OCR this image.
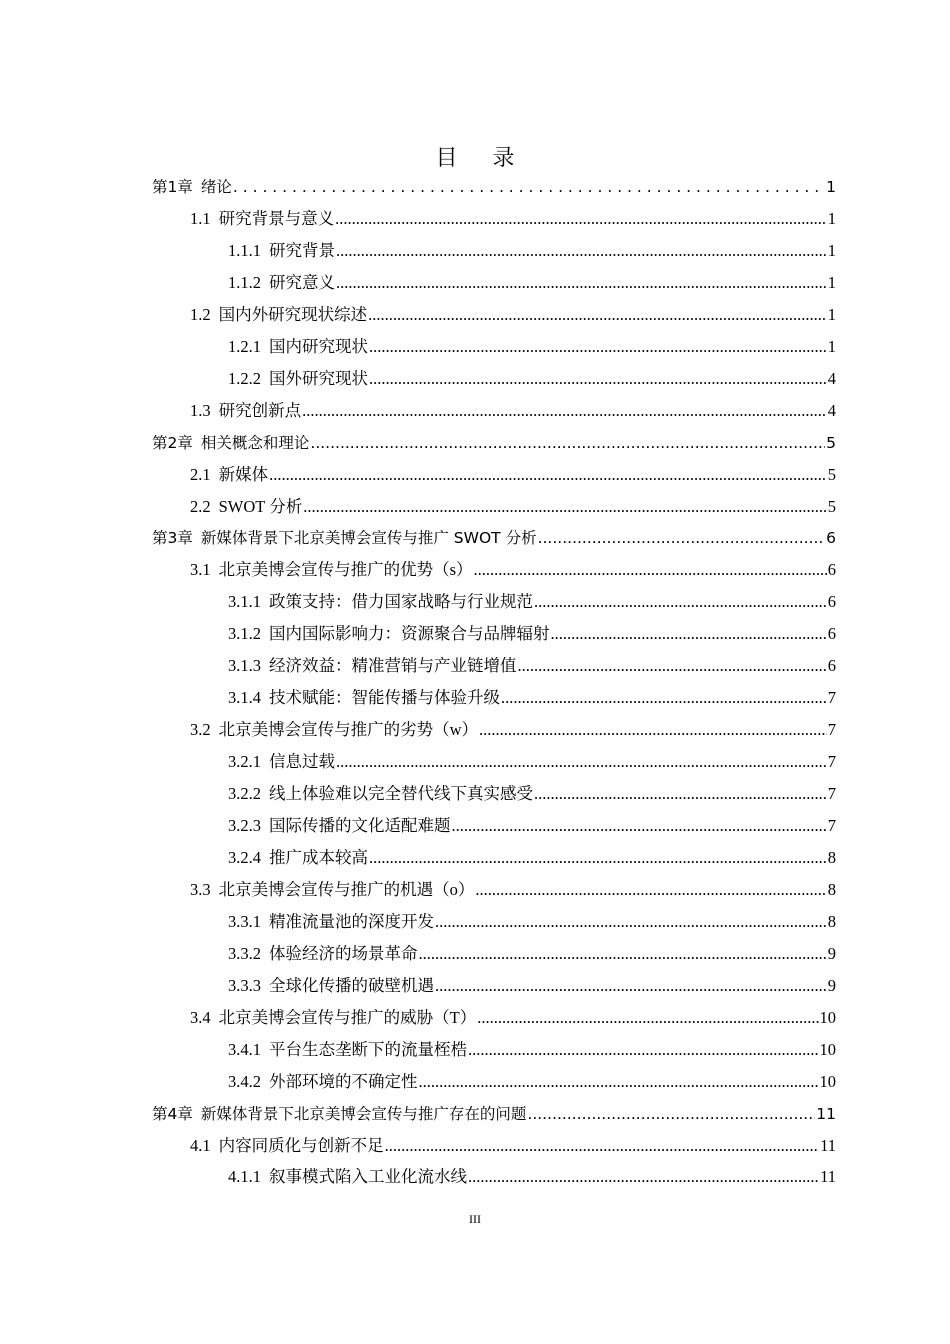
目 录
第1章 绪论 . . .	1
1.1 研究背景与意义 .....	1
1.1.1 研究背景 .....	1
1.1.2 研究意义 .....	1
1.2 国内外研究现状综述 .....	1
1.2.1 国内研究现状 .....	1
1.2.2 国外研究现状 .....	4
1.3 研究创新点 .....	4
第2章 相关概念和理论 .....	5
2.1 新媒体 .....	5
2.2 SWOT 分析 .....	5
第3章 新媒体背景下北京美博会宣传与推广 SWOT 分析 .....	6
3.1 北京美博会宣传与推广的优势（s） .....	6
3.1.1 政策支持：借力国家战略与行业规范 .....	6
3.1.2 国内国际影响力：资源聚合与品牌辐射 .....	6
3.1.3 经济效益：精准营销与产业链增值 .....	6
3.1.4 技术赋能：智能传播与体验升级 .....	7
3.2 北京美博会宣传与推广的劣势（w） .....	7
3.2.1 信息过载 .....	7
3.2.2 线上体验难以完全替代线下真实感受 .....	7
3.2.3 国际传播的文化适配难题 .....	7
3.2.4 推广成本较高 .....	8
3.3 北京美博会宣传与推广的机遇（o） .....	8
3.3.1 精准流量池的深度开发 .....	8
3.3.2 体验经济的场景革命 .....	9
3.3.3 全球化传播的破壁机遇 .....	9
3.4 北京美博会宣传与推广的威胁（T） .....	10
3.4.1 平台生态垄断下的流量桎梏 .....	10
3.4.2 外部环境的不确定性 .....	10
第4章 新媒体背景下北京美博会宣传与推广存在的问题 .....	11
4.1 内容同质化与创新不足 .....	11
4.1.1 叙事模式陷入工业化流水线 .....	11
III
